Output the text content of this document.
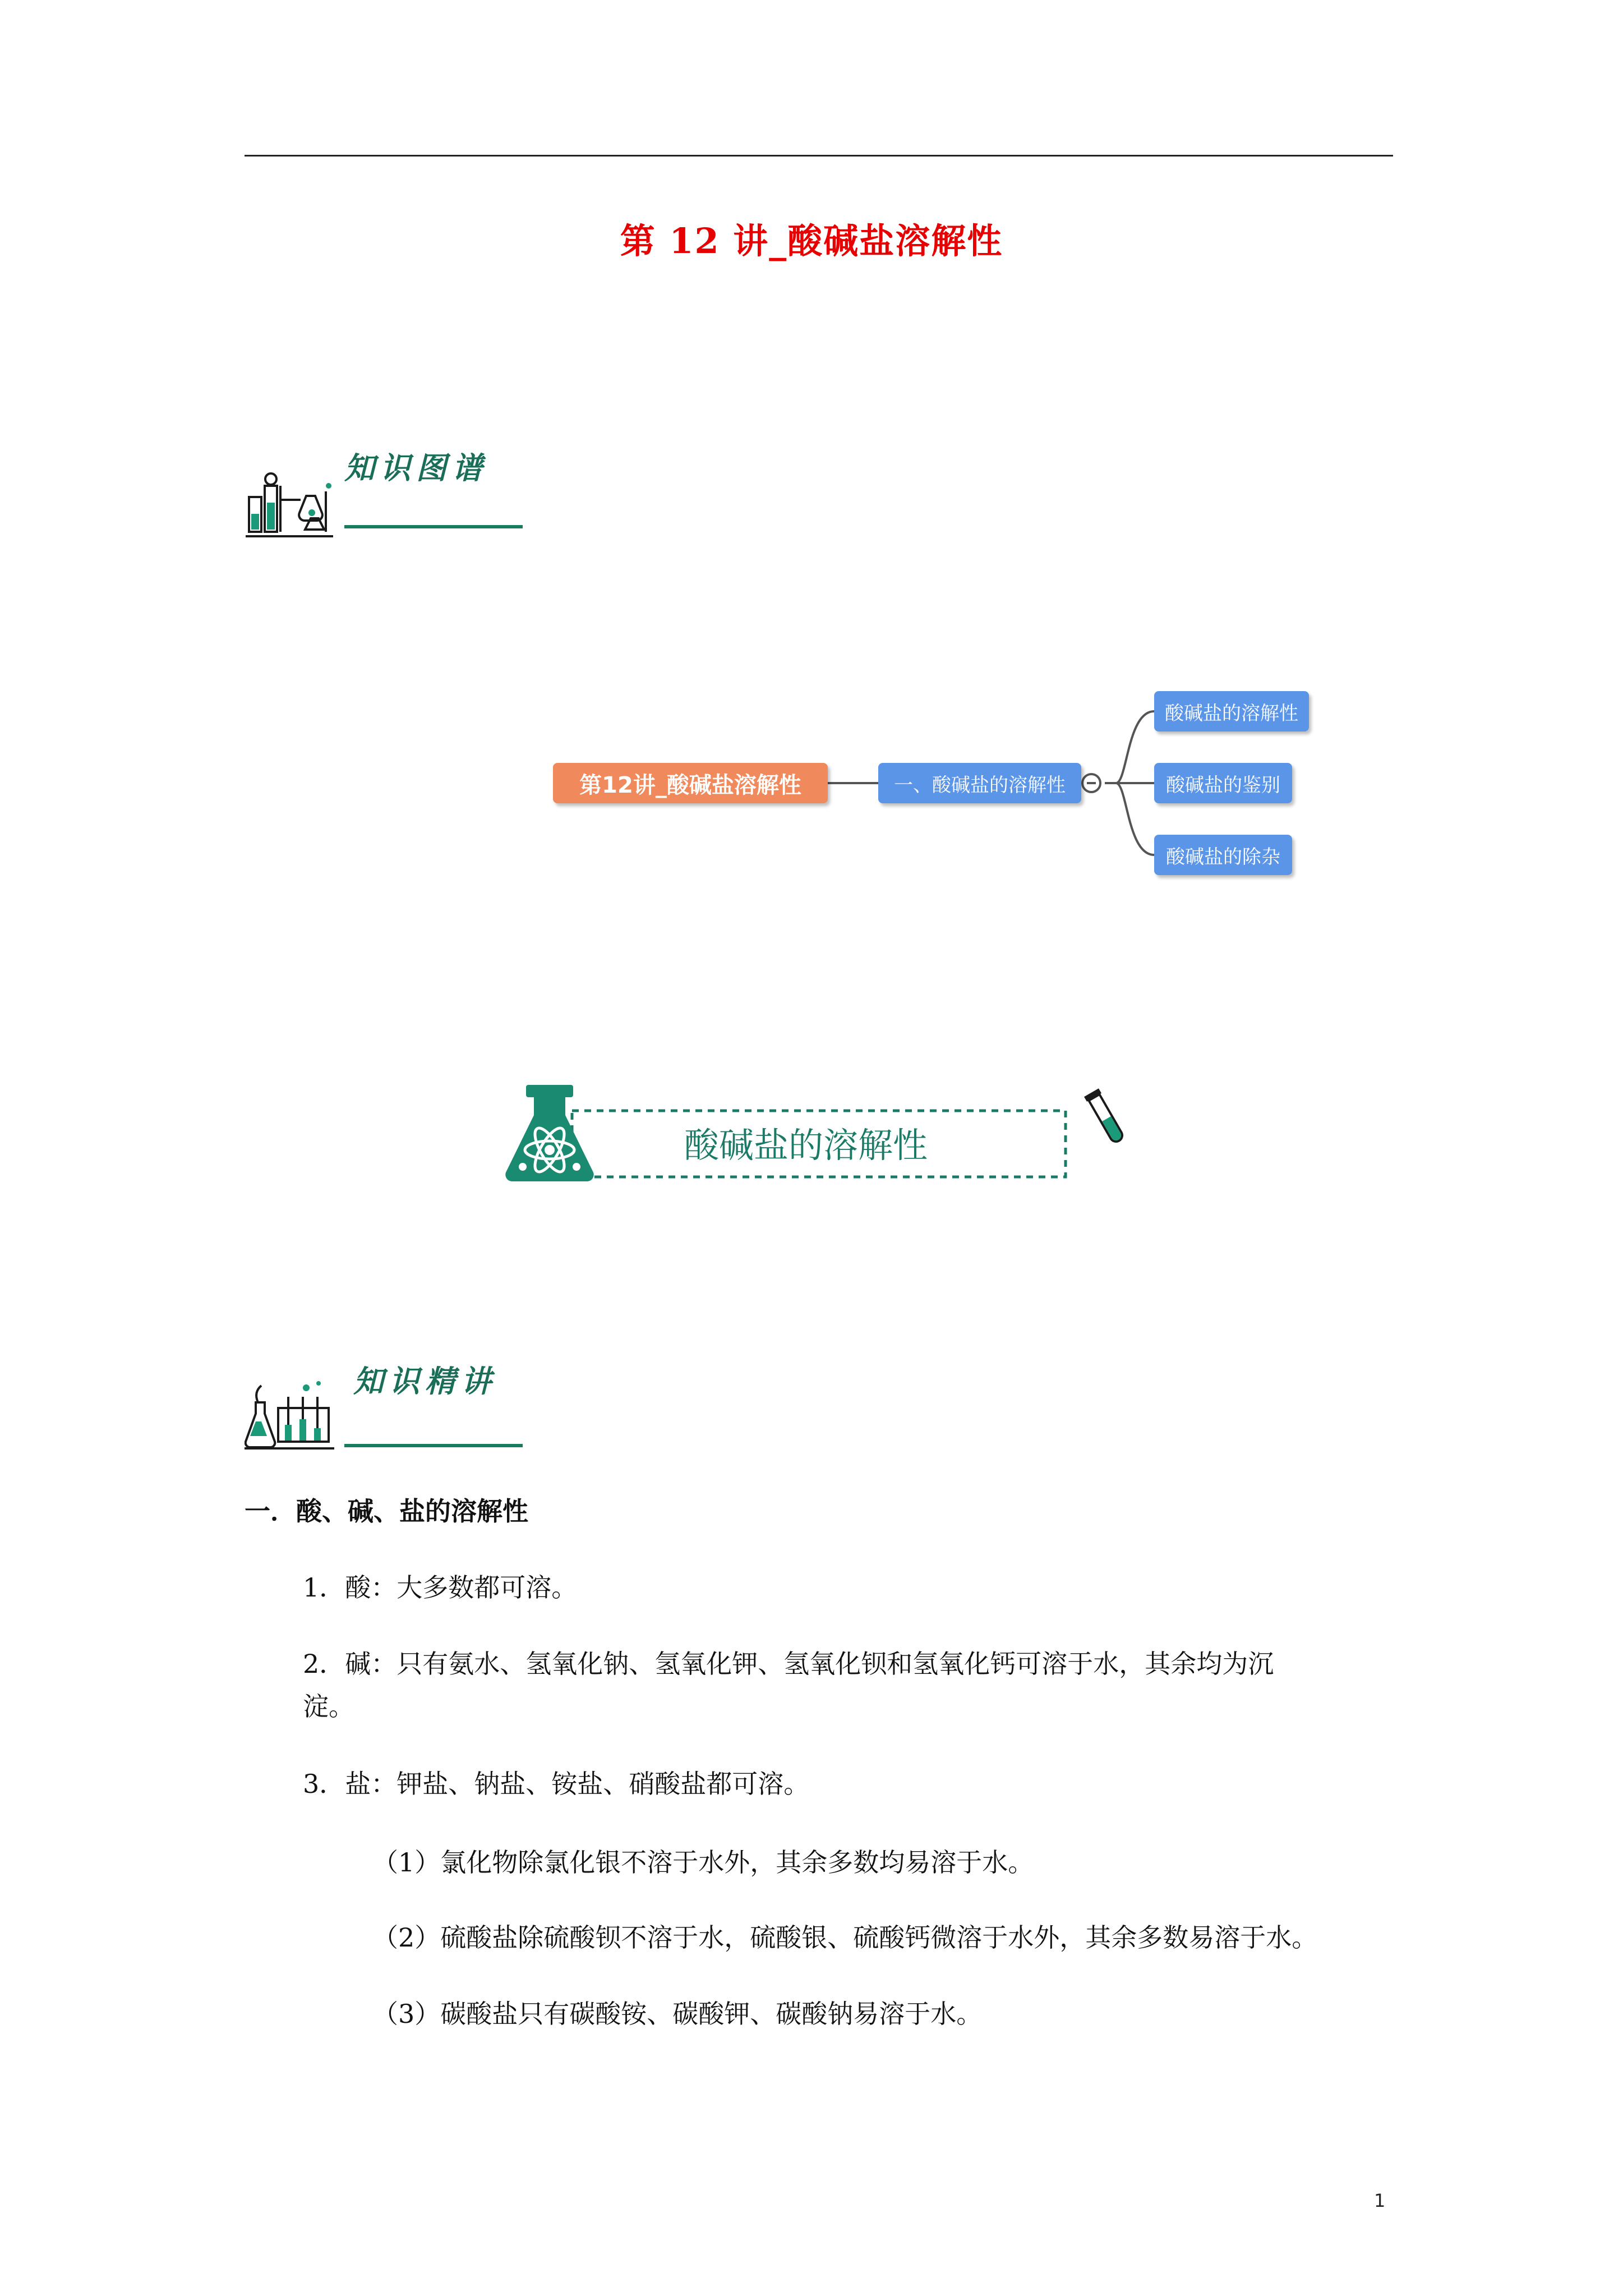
第 12 讲_酸碱盐溶解性
知识图谱
第12讲_酸碱盐溶解性	一、酸碱盐的溶解性
酸碱盐的溶解性
酸碱盐的鉴别
酸碱盐的除杂
酸碱盐的溶解性
知识精讲
一．酸、碱、盐的溶解性
1．酸：大多数都可溶。
2．碱：只有氨水、氢氧化钠、氢氧化钾、氢氧化钡和氢氧化钙可溶于水，其余均为沉
淀。
3．盐：钾盐、钠盐、铵盐、硝酸盐都可溶。
（1）氯化物除氯化银不溶于水外，其余多数均易溶于水。
（2）硫酸盐除硫酸钡不溶于水，硫酸银、硫酸钙微溶于水外，其余多数易溶于水。
（3）碳酸盐只有碳酸铵、碳酸钾、碳酸钠易溶于水。
1
